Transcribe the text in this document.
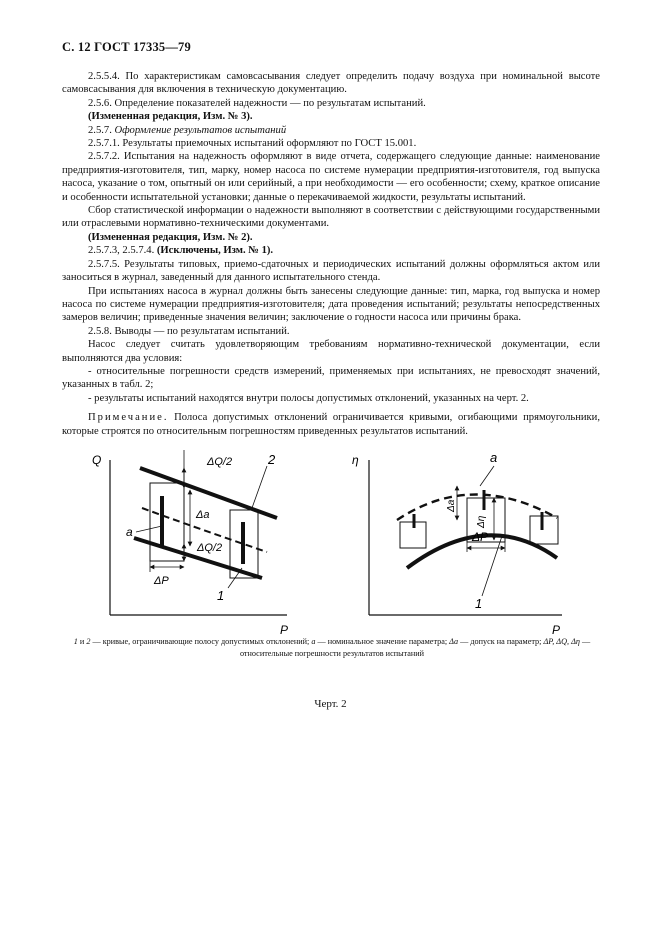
С. 12 ГОСТ 17335—79

2.5.5.4. По характеристикам самовсасывания следует определить подачу воздуха при номинальной высоте самовсасывания для включения в техническую документацию.

2.5.6. Определение показателей надежности — по результатам испытаний.

(Измененная редакция, Изм. № 3).

2.5.7. Оформление результатов испытаний

2.5.7.1. Результаты приемочных испытаний оформляют по ГОСТ 15.001.

2.5.7.2. Испытания на надежность оформляют в виде отчета, содержащего следующие данные: наименование предприятия-изготовителя, тип, марку, номер насоса по системе нумерации предприятия-изготовителя, год выпуска насоса, указание о том, опытный он или серийный, а при необходимости — его особенности; схему, краткое описание и особенности испытательной установки; данные о перекачиваемой жидкости, результаты испытаний.

Сбор статистической информации о надежности выполняют в соответствии с действующими государственными или отраслевыми нормативно-техническими документами.

(Измененная редакция, Изм. № 2).

2.5.7.3, 2.5.7.4. (Исключены, Изм. № 1).

2.5.7.5. Результаты типовых, приемо-сдаточных и периодических испытаний должны оформляться актом или заноситься в журнал, заведенный для данного испытательного стенда.

При испытаниях насоса в журнал должны быть занесены следующие данные: тип, марка, год выпуска и номер насоса по системе нумерации предприятия-изготовителя; дата проведения испытаний; результаты непосредственных замеров величин; приведенные значения величин; заключение о годности насоса или причины брака.

2.5.8. Выводы — по результатам испытаний.

Насос следует считать удовлетворяющим требованиям нормативно-технической документации, если выполняются два условия:

- относительные погрешности средств измерений, применяемых при испытаниях, не превосходят значений, указанных в табл. 2;

- результаты испытаний находятся внутри полосы допустимых отклонений, указанных на черт. 2.

Примечание. Полоса допустимых отклонений ограничивается кривыми, огибающими прямоугольники, которые строятся по относительным погрешностям приведенных результатов испытаний.

Q
P
ΔQ/2
Δa
ΔQ/2
a
ΔP
2
1
η
P
a
Δa
Δη
ΔP
1
1 и 2 — кривые, ограничивающие полосу допустимых отклонений; a — номинальное значение параметра; Δa — допуск на параметр; ΔP, ΔQ, Δη — относительные погрешности результатов испытаний
Черт. 2
